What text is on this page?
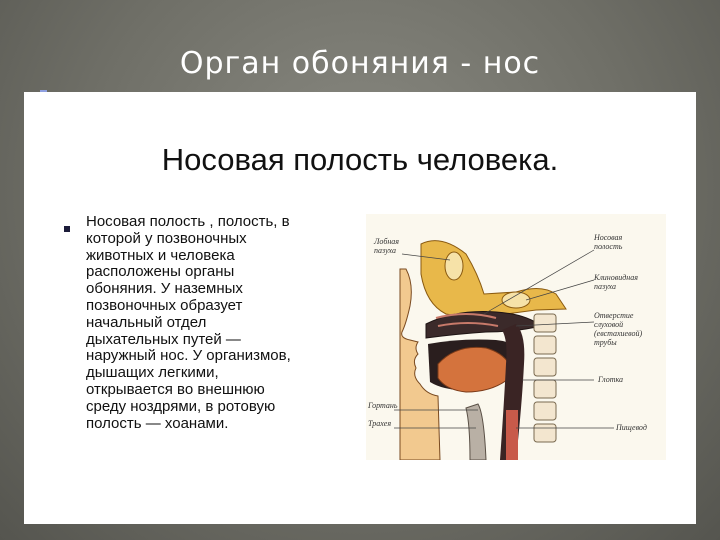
Орган обоняния - нос
Носовая полость человека.
Носовая полость , полость, в
которой у позвоночных
животных и человека
расположены органы
обоняния. У наземных
позвоночных образует
начальный отдел
дыхательных путей —
наружный нос. У организмов,
дышащих легкими,
открывается во внешнюю
среду ноздрями, в ротовую
полость — хоанами.
Лобная
пазуха
Носовая
полость
Клиновидная
пазуха
Отверстие
слуховой
(евстахиевой)
трубы
Глотка
Гортань
Трахея	Пищевод
